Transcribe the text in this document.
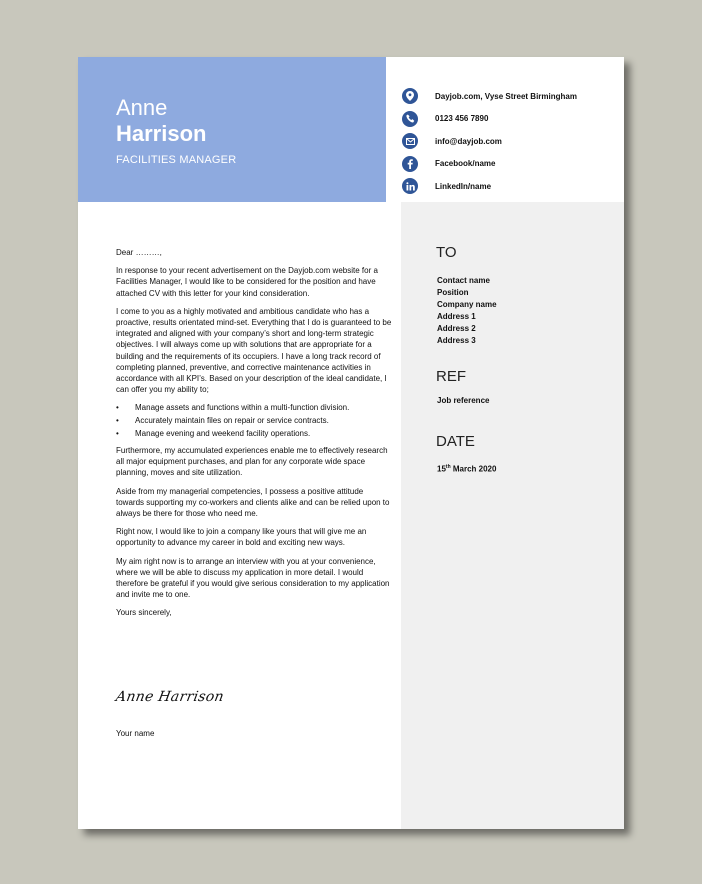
Anne
Harrison
FACILITIES MANAGER
Dayjob.com, Vyse Street Birmingham
0123 456 7890
info@dayjob.com
Facebook/name
LinkedIn/name
TO
Contact name
Position
Company name
Address 1
Address 2
Address 3
REF
Job reference
DATE
15th March 2020

Dear ………,

In response to your recent advertisement on the Dayjob.com website for a Facilities Manager, I would like to be considered for the position and have attached CV with this letter for your kind consideration.

I come to you as a highly motivated and ambitious candidate who has a proactive, results orientated mind-set. Everything that I do is guaranteed to be integrated and aligned with your company’s short and long-term strategic objectives. I will always come up with solutions that are appropriate for a building and the requirements of its occupiers. I have a long track record of completing planned, preventive, and corrective maintenance activities in accordance with all KPI’s. Based on your description of the ideal candidate, I can offer you my ability to;

• Manage assets and functions within a multi-function division.
• Accurately maintain files on repair or service contracts.
• Manage evening and weekend facility operations.

Furthermore, my accumulated experiences enable me to effectively research all major equipment purchases, and plan for any corporate wide space planning, moves and site utilization.

Aside from my managerial competencies, I possess a positive attitude towards supporting my co-workers and clients alike and can be relied upon to always be there for those who need me.

Right now, I would like to join a company like yours that will give me an opportunity to advance my career in bold and exciting new ways.

My aim right now is to arrange an interview with you at your convenience, where we will be able to discuss my application in more detail. I would therefore be grateful if you would give serious consideration to my application and invite me to one.

Yours sincerely,

Anne Harrison
Your name
